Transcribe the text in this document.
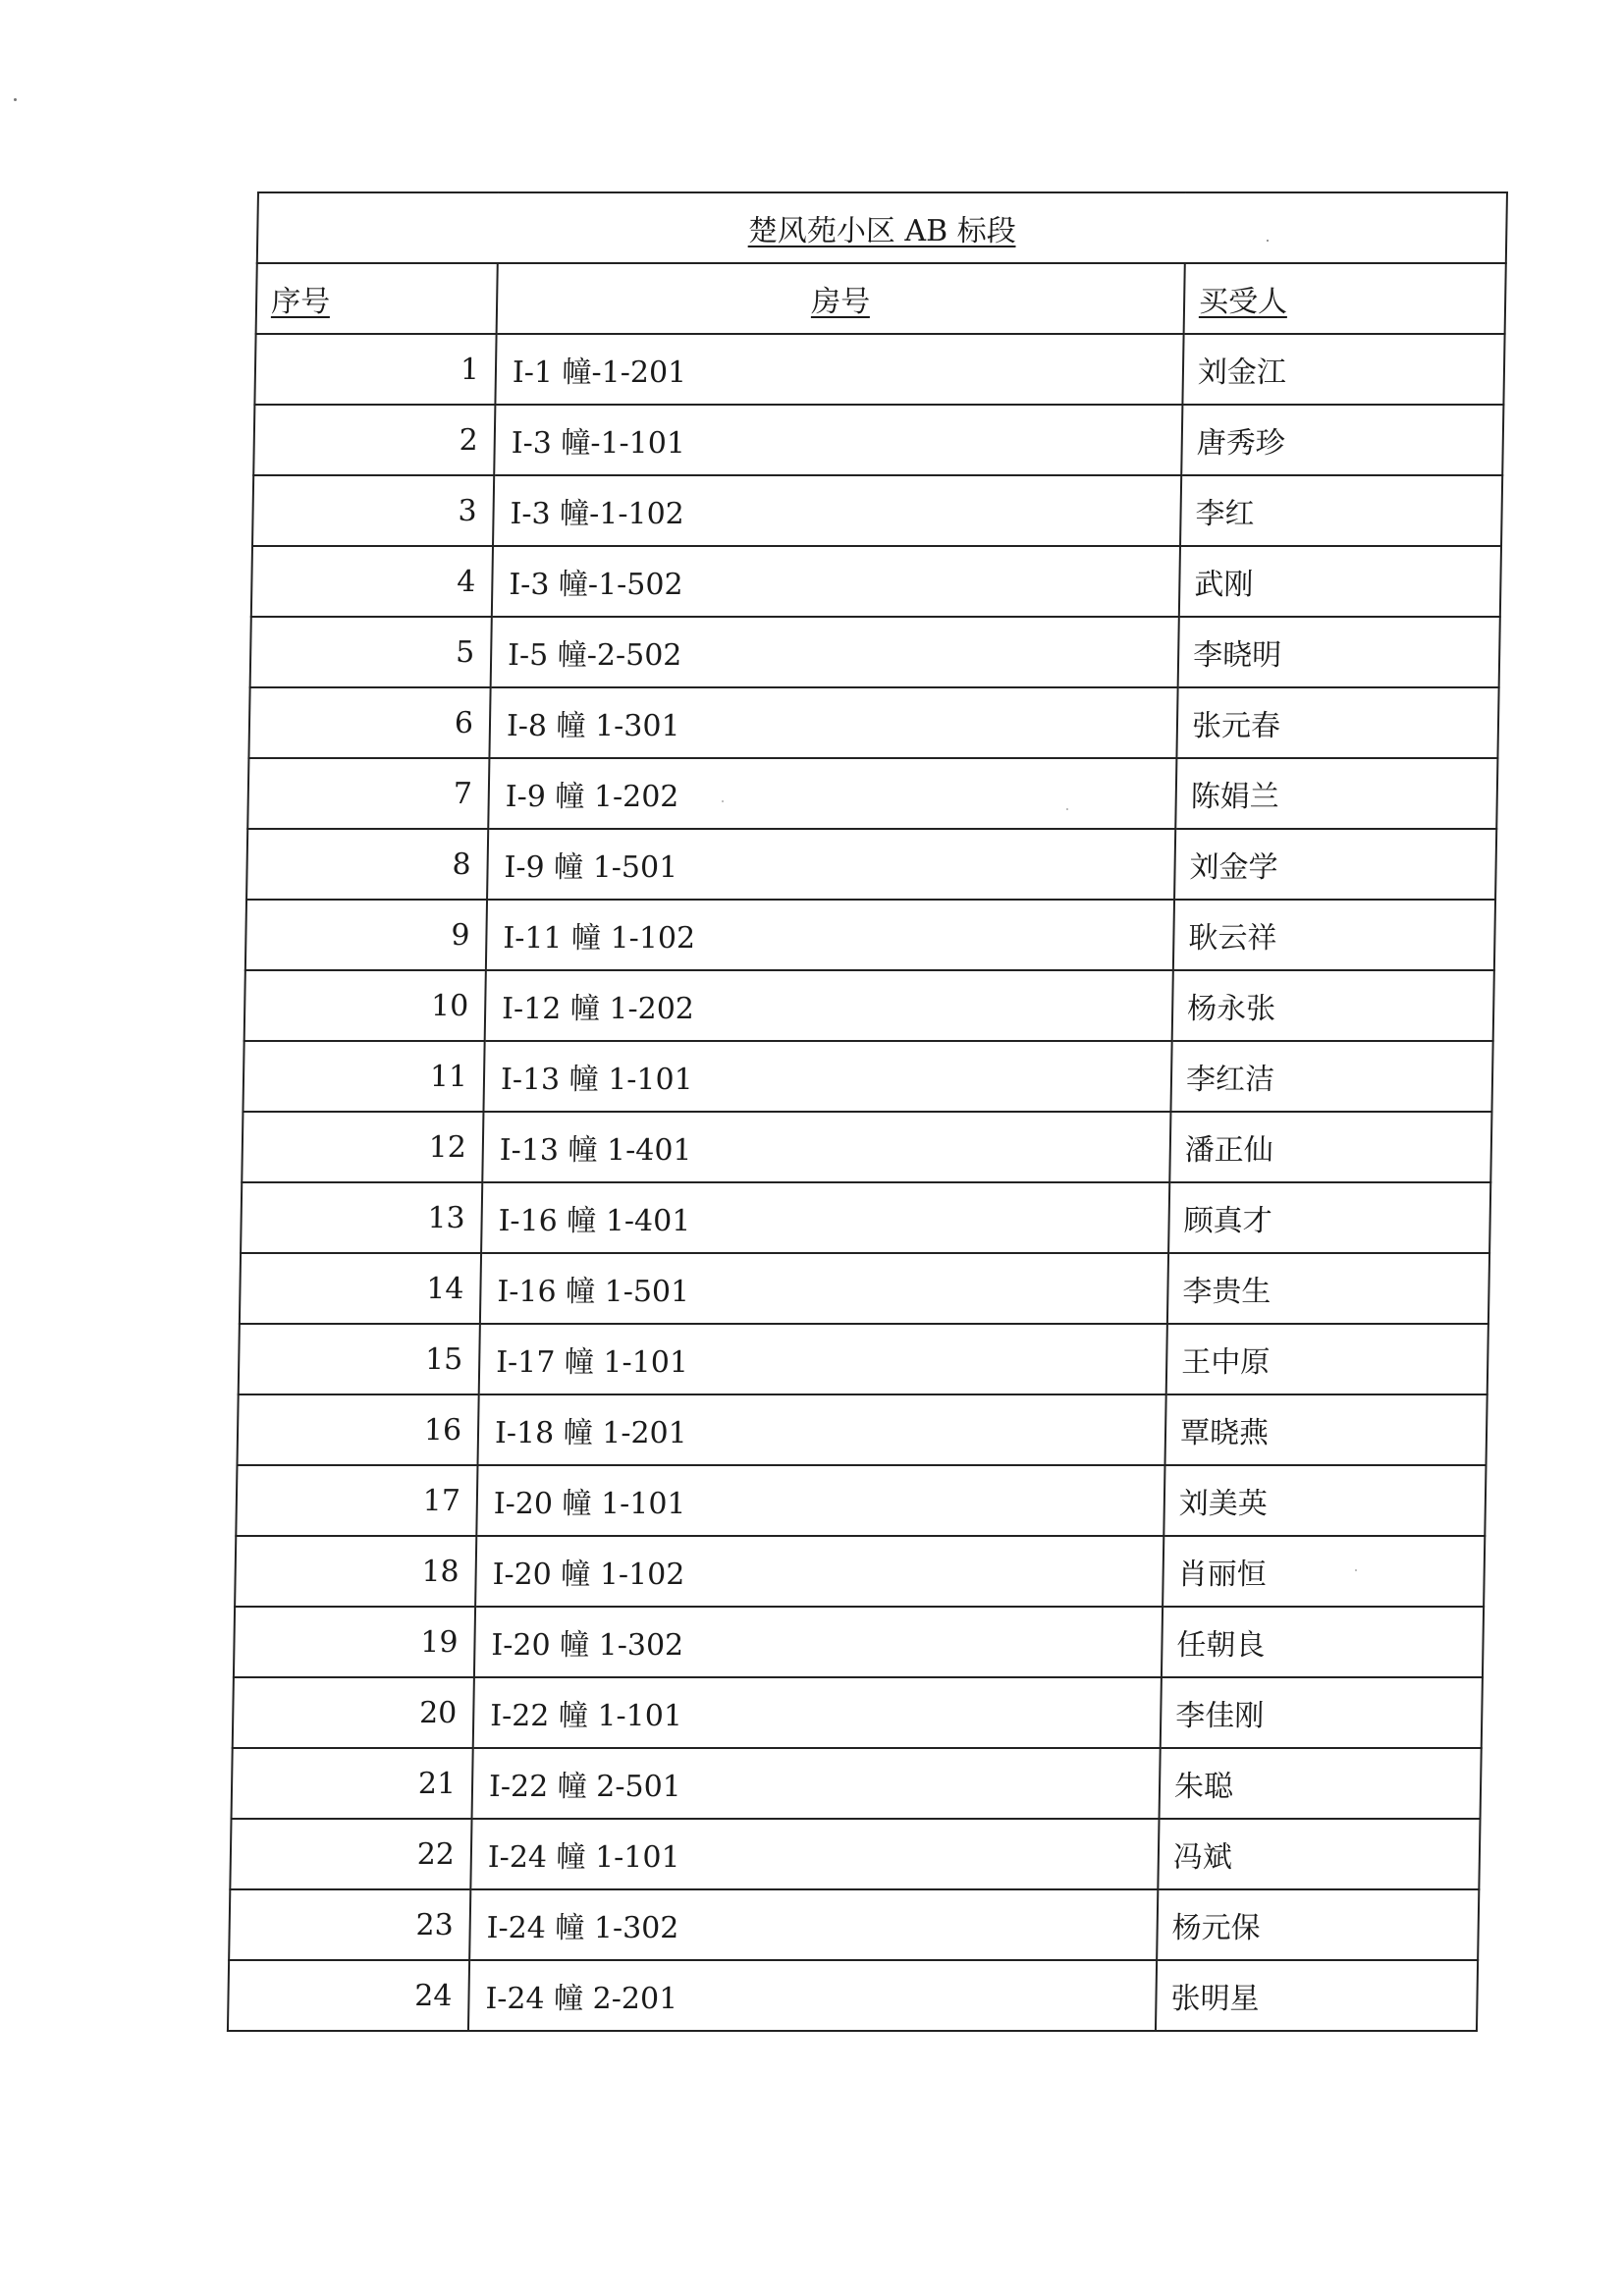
楚风苑小区 AB 标段		
序号	房号	买受人
1	I-1 幢-1-201	刘金江
2	I-3 幢-1-101	唐秀珍
3	I-3 幢-1-102	李红
4	I-3 幢-1-502	武刚
5	I-5 幢-2-502	李晓明
6	I-8 幢 1-301	张元春
7	I-9 幢 1-202	陈娟兰
8	I-9 幢 1-501	刘金学
9	I-11 幢 1-102	耿云祥
10	I-12 幢 1-202	杨永张
11	I-13 幢 1-101	李红洁
12	I-13 幢 1-401	潘正仙
13	I-16 幢 1-401	顾真才
14	I-16 幢 1-501	李贵生
15	I-17 幢 1-101	王中原
16	I-18 幢 1-201	覃晓燕
17	I-20 幢 1-101	刘美英
18	I-20 幢 1-102	肖丽恒
19	I-20 幢 1-302	任朝良
20	I-22 幢 1-101	李佳刚
21	I-22 幢 2-501	朱聪
22	I-24 幢 1-101	冯斌
23	I-24 幢 1-302	杨元保
24	I-24 幢 2-201	张明星
